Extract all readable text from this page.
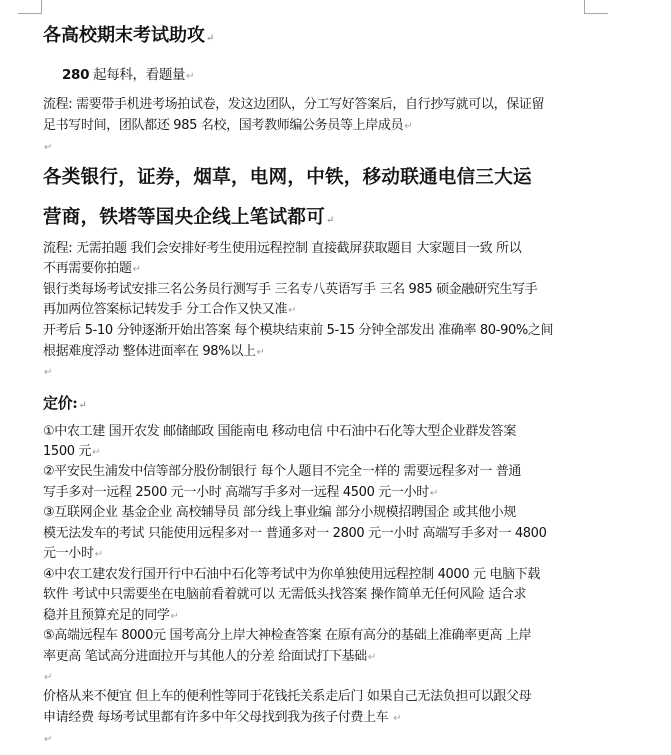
各高校期末考试助攻↵
280 起每科，看题量↵
流程: 需要带手机进考场拍试卷，发这边团队，分工写好答案后，自行抄写就可以，保证留
足书写时间，团队都还 985 名校，国考教师编公务员等上岸成员↵
↵
各类银行，证券，烟草，电网，中铁，移动联通电信三大运
营商，铁塔等国央企线上笔试都可↵
流程: 无需拍题 我们会安排好考生使用远程控制 直接截屏获取题目 大家题目一致 所以
不再需要你拍题↵
银行类每场考试安排三名公务员行测写手 三名专八英语写手 三名 985 硕金融研究生写手
再加两位答案标记转发手 分工合作又快又准↵
开考后 5-10 分钟逐渐开始出答案 每个模块结束前 5-15 分钟全部发出 准确率 80-90%之间
根据难度浮动 整体进面率在 98%以上↵
↵
定价:↵
①中农工建 国开农发 邮储邮政 国能南电 移动电信 中石油中石化等大型企业群发答案
1500 元↵
②平安民生浦发中信等部分股份制银行 每个人题目不完全一样的 需要远程多对一 普通
写手多对一远程 2500 元一小时 高端写手多对一远程 4500 元一小时↵
③互联网企业 基金企业 高校辅导员 部分线上事业编 部分小规模招聘国企 或其他小规
模无法发车的考试 只能使用远程多对一 普通多对一 2800 元一小时 高端写手多对一 4800
元一小时↵
④中农工建农发行国开行中石油中石化等考试中为你单独使用远程控制 4000 元 电脑下载
软件 考试中只需要坐在电脑前看着就可以 无需低头找答案 操作简单无任何风险 适合求
稳并且预算充足的同学↵
⑤高端远程车 8000元 国考高分上岸大神检查答案 在原有高分的基础上准确率更高 上岸
率更高 笔试高分进面拉开与其他人的分差 给面试打下基础↵
↵
价格从来不便宜 但上车的便利性等同于花钱托关系走后门 如果自己无法负担可以跟父母
申请经费 每场考试里都有许多中年父母找到我为孩子付费上车 ↵
↵
